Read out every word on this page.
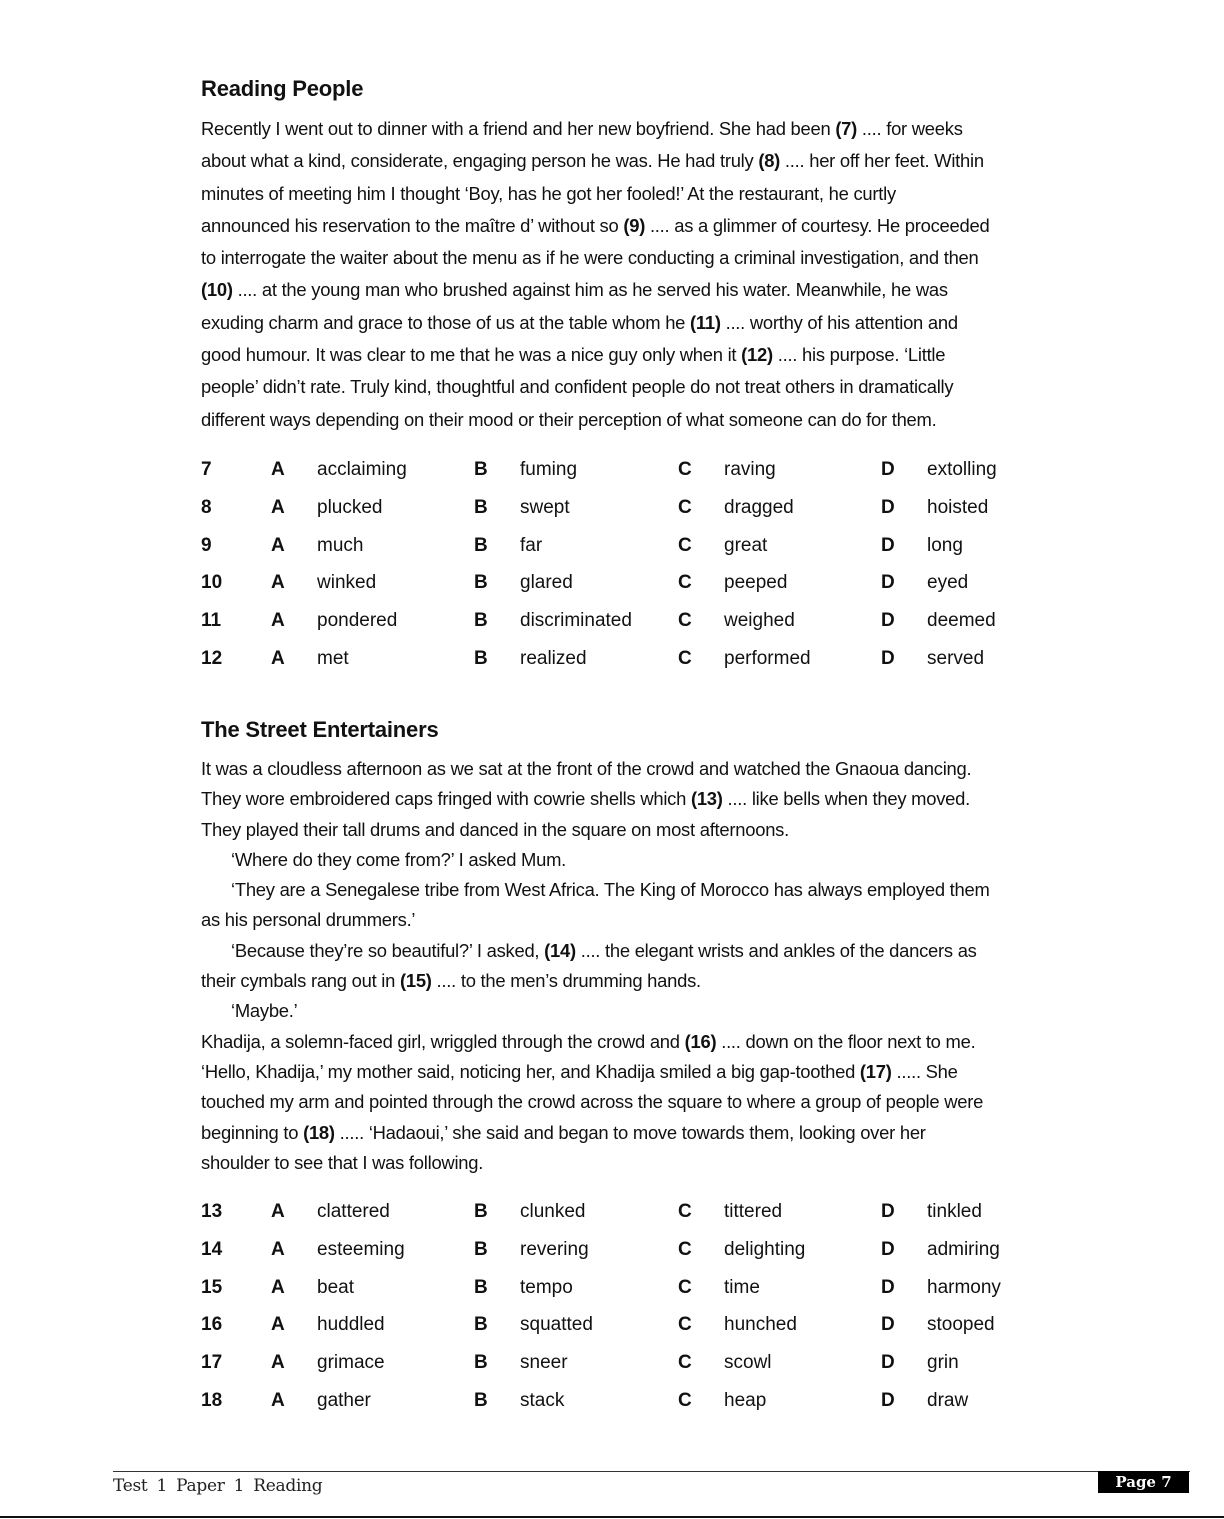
Reading People
Recently I went out to dinner with a friend and her new boyfriend. She had been (7) .... for weeks
about what a kind, considerate, engaging person he was. He had truly (8) .... her off her feet. Within
minutes of meeting him I thought ‘Boy, has he got her fooled!’ At the restaurant, he curtly
announced his reservation to the maître d’ without so (9) .... as a glimmer of courtesy. He proceeded
to interrogate the waiter about the menu as if he were conducting a criminal investigation, and then
(10) .... at the young man who brushed against him as he served his water. Meanwhile, he was
exuding charm and grace to those of us at the table whom he (11) .... worthy of his attention and
good humour. It was clear to me that he was a nice guy only when it (12) .... his purpose. ‘Little
people’ didn’t rate. Truly kind, thoughtful and confident people do not treat others in dramatically
different ways depending on their mood or their perception of what someone can do for them.
7	A acclaiming	B fuming	C raving	D extolling
8	A plucked	B swept	C dragged	D hoisted
9	A much	B far	C great	D long
10	A winked	B glared	C peeped	D eyed
11	A pondered	B discriminated C weighed	D deemed
12	A met	B realized	C performed	D served
The Street Entertainers
It was a cloudless afternoon as we sat at the front of the crowd and watched the Gnaoua dancing.
They wore embroidered caps fringed with cowrie shells which (13) .... like bells when they moved.
They played their tall drums and danced in the square on most afternoons.
‘Where do they come from?’ I asked Mum.
‘They are a Senegalese tribe from West Africa. The King of Morocco has always employed them
as his personal drummers.’
‘Because they’re so beautiful?’ I asked, (14) .... the elegant wrists and ankles of the dancers as
their cymbals rang out in (15) .... to the men’s drumming hands.
‘Maybe.’
Khadija, a solemn-faced girl, wriggled through the crowd and (16) .... down on the floor next to me.
‘Hello, Khadija,’ my mother said, noticing her, and Khadija smiled a big gap-toothed (17) ..... She
touched my arm and pointed through the crowd across the square to where a group of people were
beginning to (18) ..... ‘Hadaoui,’ she said and began to move towards them, looking over her
shoulder to see that I was following.
13	A clattered	B clunked	C tittered	D tinkled
14	A esteeming	B revering	C delighting	D admiring
15	A beat	B tempo	C time	D harmony
16	A huddled	B squatted	C hunched	D stooped
17	A grimace	B sneer	C scowl	D grin
18	A gather	B stack	C heap	D draw
Test 1 Paper 1 Reading	Page 7
